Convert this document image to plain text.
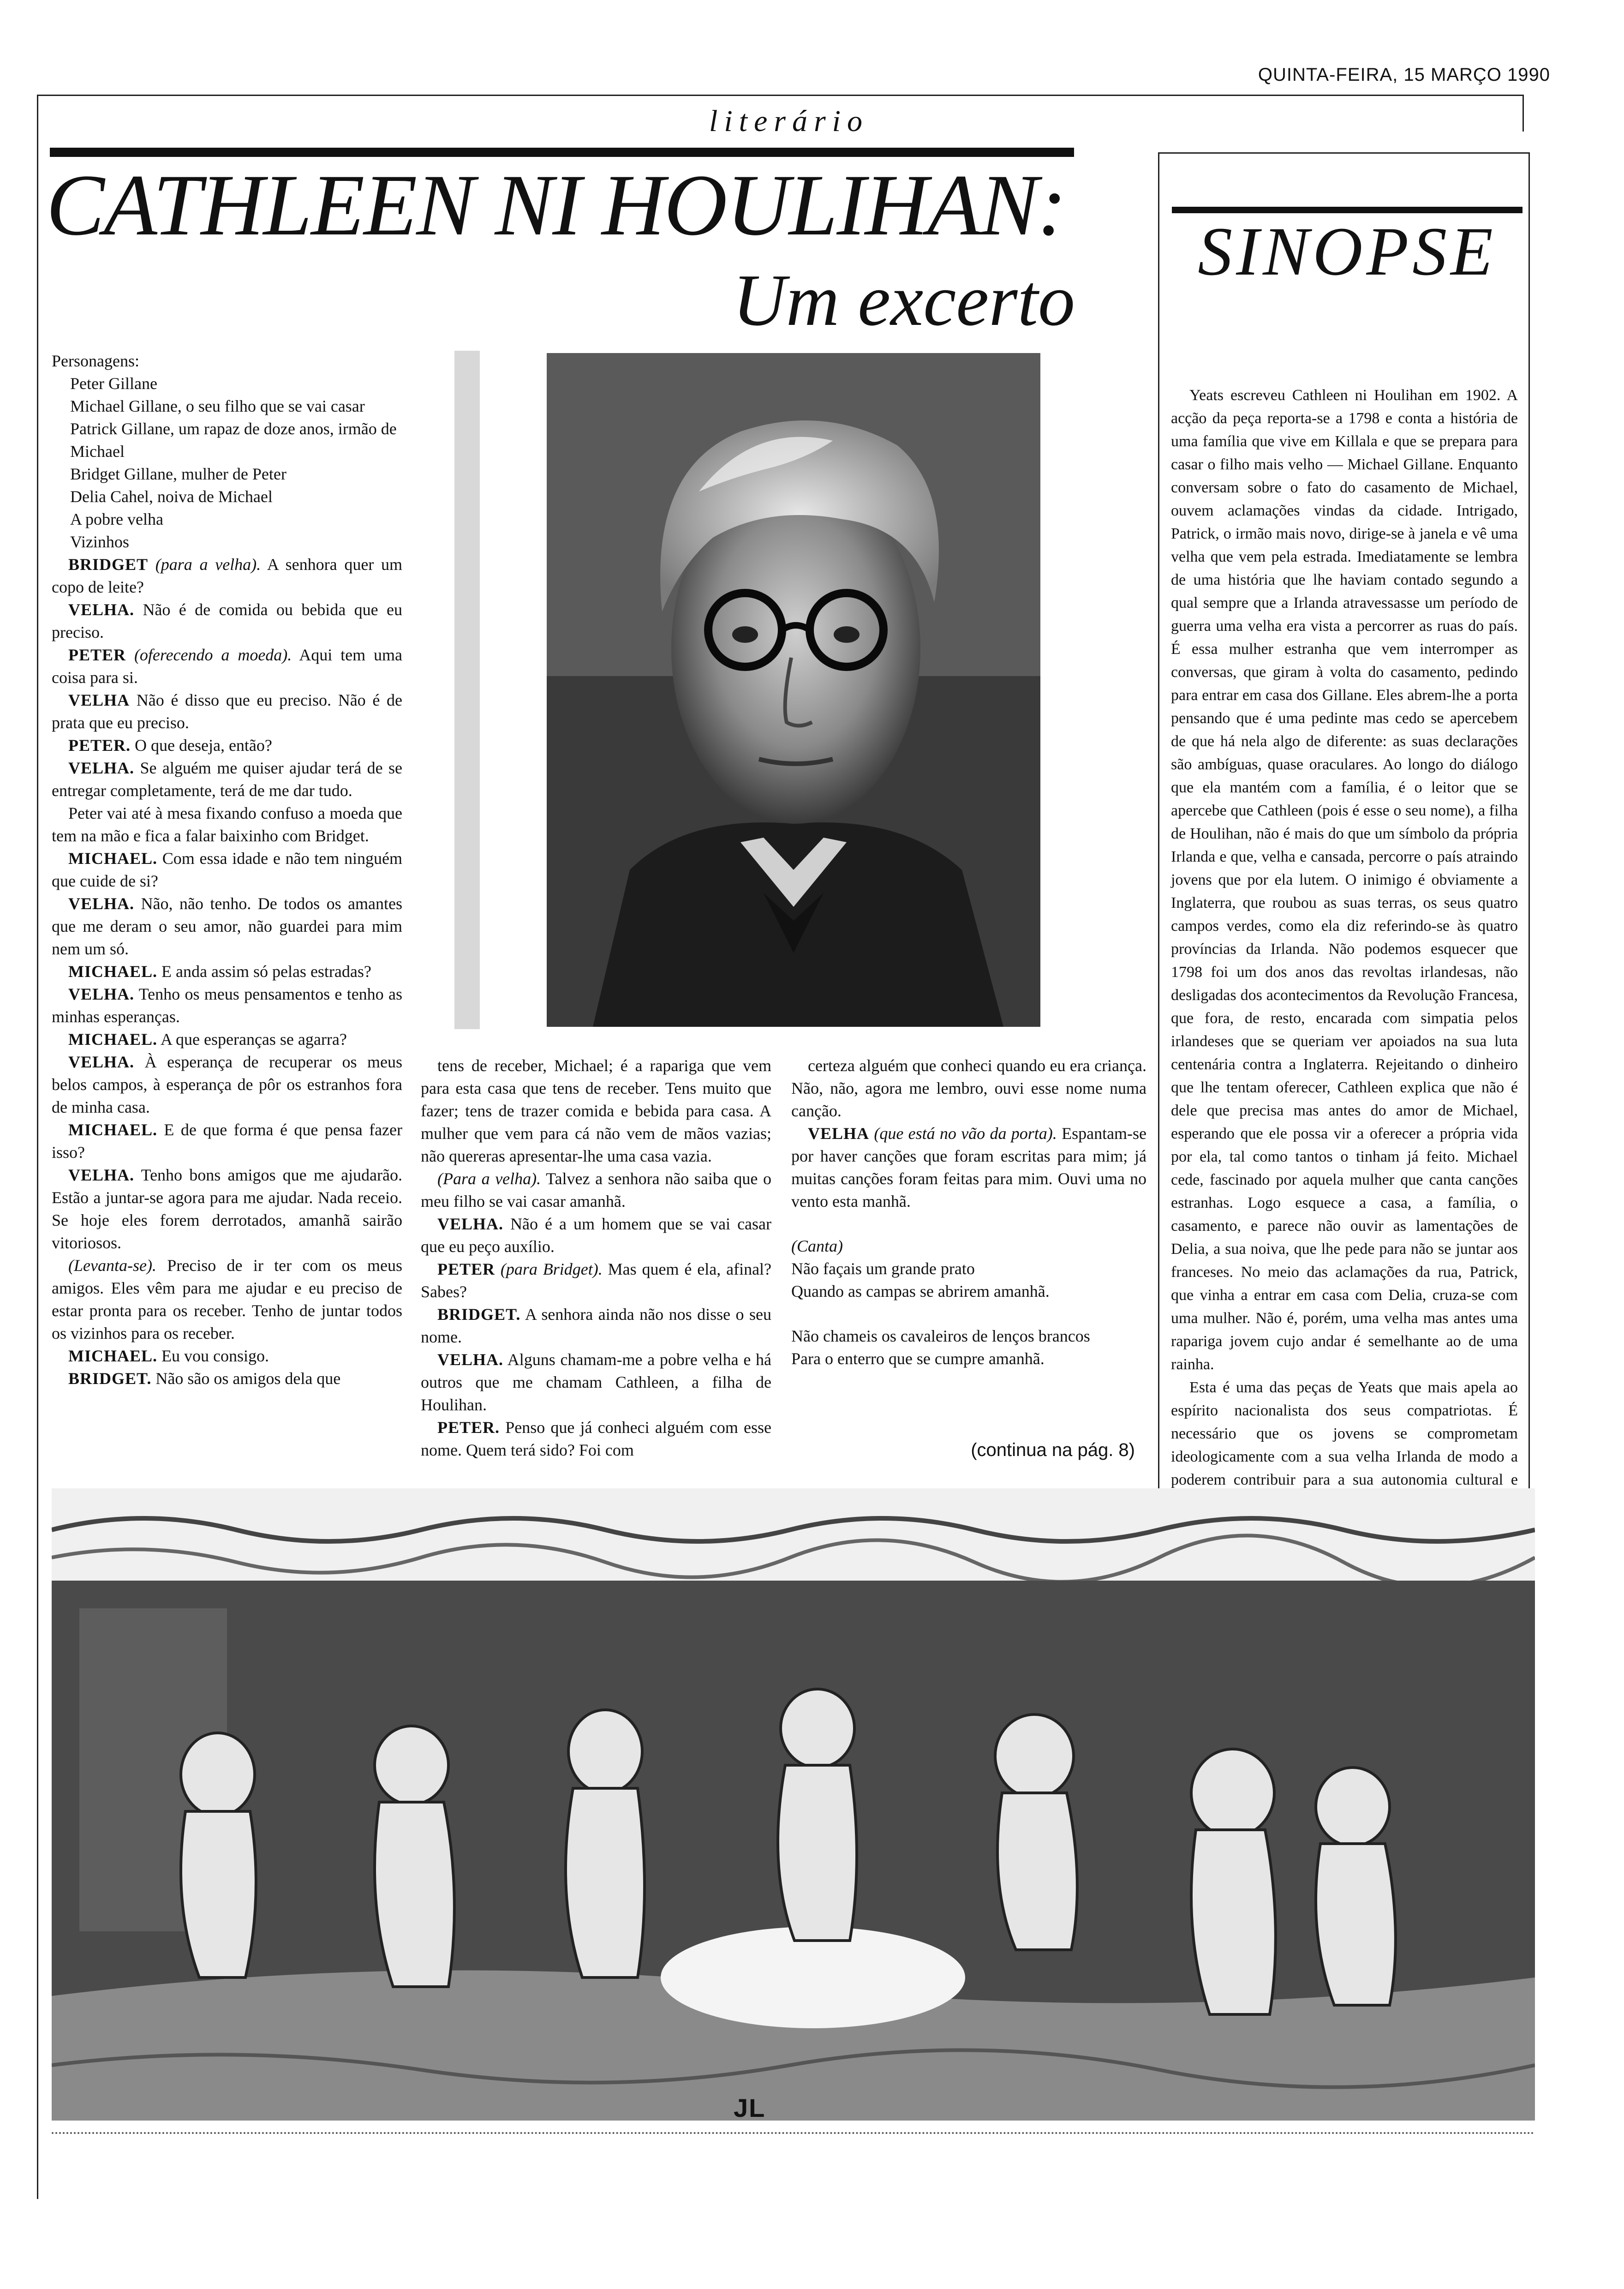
QUINTA-FEIRA, 15 MARÇO 1990
literário
CATHLEEN NI HOULIHAN:
Um excerto

Personagens:

Peter Gillane

Michael Gillane, o seu filho que se vai casar

Patrick Gillane, um rapaz de doze anos, irmão de Michael

Bridget Gillane, mulher de Peter

Delia Cahel, noiva de Michael

A pobre velha

Vizinhos

BRIDGET (para a velha). A senhora quer um copo de leite?

VELHA. Não é de comida ou bebida que eu preciso.

PETER (oferecendo a moeda). Aqui tem uma coisa para si.

VELHA Não é disso que eu preciso. Não é de prata que eu preciso.

PETER. O que deseja, então?

VELHA. Se alguém me quiser ajudar terá de se entregar completamente, terá de me dar tudo.

Peter vai até à mesa fixando confuso a moeda que tem na mão e fica a falar baixinho com Bridget.

MICHAEL. Com essa idade e não tem ninguém que cuide de si?

VELHA. Não, não tenho. De todos os amantes que me deram o seu amor, não guardei para mim nem um só.

MICHAEL. E anda assim só pelas estradas?

VELHA. Tenho os meus pensamentos e tenho as minhas esperanças.

MICHAEL. A que esperanças se agarra?

VELHA. À esperança de recuperar os meus belos campos, à esperança de pôr os estranhos fora de minha casa.

MICHAEL. E de que forma é que pensa fazer isso?

VELHA. Tenho bons amigos que me ajudarão. Estão a juntar-se agora para me ajudar. Nada receio. Se hoje eles forem derrotados, amanhã sairão vitoriosos.

(Levanta-se). Preciso de ir ter com os meus amigos. Eles vêm para me ajudar e eu preciso de estar pronta para os receber. Tenho de juntar todos os vizinhos para os receber.

MICHAEL. Eu vou consigo.

BRIDGET. Não são os amigos dela que

tens de receber, Michael; é a rapariga que vem para esta casa que tens de receber. Tens muito que fazer; tens de trazer comida e bebida para casa. A mulher que vem para cá não vem de mãos vazias; não quereras apresentar-lhe uma casa vazia.

(Para a velha). Talvez a senhora não saiba que o meu filho se vai casar amanhã.

VELHA. Não é a um homem que se vai casar que eu peço auxílio.

PETER (para Bridget). Mas quem é ela, afinal? Sabes?

BRIDGET. A senhora ainda não nos disse o seu nome.

VELHA. Alguns chamam-me a pobre velha e há outros que me chamam Cathleen, a filha de Houlihan.

PETER. Penso que já conheci alguém com esse nome. Quem terá sido? Foi com

certeza alguém que conheci quando eu era criança. Não, não, agora me lembro, ouvi esse nome numa canção.

VELHA (que está no vão da porta). Espantam-se por haver canções que foram escritas para mim; já muitas canções foram feitas para mim. Ouvi uma no vento esta manhã.

(Canta)

Não façais um grande prato

Quando as campas se abrirem amanhã.

Não chameis os cavaleiros de lenços brancos

Para o enterro que se cumpre amanhã.

(continua na pág. 8)
SINOPSE

Yeats escreveu Cathleen ni Houlihan em 1902. A acção da peça reporta-se a 1798 e conta a história de uma família que vive em Killala e que se prepara para casar o filho mais velho — Michael Gillane. Enquanto conversam sobre o fato do casamento de Michael, ouvem aclamações vindas da cidade. Intrigado, Patrick, o irmão mais novo, dirige-se à janela e vê uma velha que vem pela estrada. Imediatamente se lembra de uma história que lhe haviam contado segundo a qual sempre que a Irlanda atravessasse um período de guerra uma velha era vista a percorrer as ruas do país. É essa mulher estranha que vem interromper as conversas, que giram à volta do casamento, pedindo para entrar em casa dos Gillane. Eles abrem-lhe a porta pensando que é uma pedinte mas cedo se apercebem de que há nela algo de diferente: as suas declarações são ambíguas, quase oraculares. Ao longo do diálogo que ela mantém com a família, é o leitor que se apercebe que Cathleen (pois é esse o seu nome), a filha de Houlihan, não é mais do que um símbolo da própria Irlanda e que, velha e cansada, percorre o país atraindo jovens que por ela lutem. O inimigo é obviamente a Inglaterra, que roubou as suas terras, os seus quatro campos verdes, como ela diz referindo-se às quatro províncias da Irlanda. Não podemos esquecer que 1798 foi um dos anos das revoltas irlandesas, não desligadas dos acontecimentos da Revolução Francesa, que fora, de resto, encarada com simpatia pelos irlandeses que se queriam ver apoiados na sua luta centenária contra a Inglaterra. Rejeitando o dinheiro que lhe tentam oferecer, Cathleen explica que não é dele que precisa mas antes do amor de Michael, esperando que ele possa vir a oferecer a própria vida por ela, tal como tantos o tinham já feito. Michael cede, fascinado por aquela mulher que canta canções estranhas. Logo esquece a casa, a família, o casamento, e parece não ouvir as lamentações de Delia, a sua noiva, que lhe pede para não se juntar aos franceses. No meio das aclamações da rua, Patrick, que vinha a entrar em casa com Delia, cruza-se com uma mulher. Não é, porém, uma velha mas antes uma rapariga jovem cujo andar é semelhante ao de uma rainha.

Esta é uma das peças de Yeats que mais apela ao espírito nacionalista dos seus compatriotas. É necessário que os jovens se comprometam ideologicamente com a sua velha Irlanda de modo a poderem contribuir para a sua autonomia cultural e

JL
